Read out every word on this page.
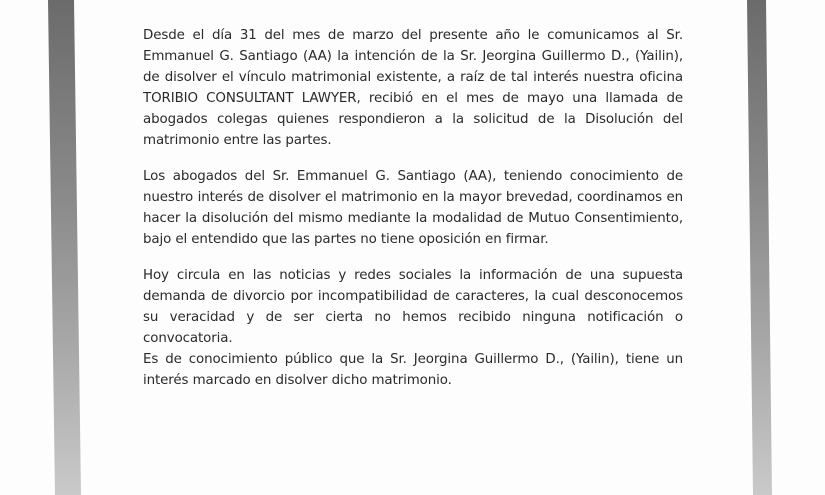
Desde el día 31 del mes de marzo del presente año le comunicamos al Sr. Emmanuel G. Santiago (AA) la intención de la Sr. Jeorgina Guillermo D., (Yailin), de disolver el vínculo matrimonial existente, a raíz de tal interés nuestra oficina TORIBIO CONSULTANT LAWYER, recibió en el mes de mayo una llamada de abogados colegas quienes respondieron a la solicitud de la Disolución del matrimonio entre las partes.

Los abogados del Sr. Emmanuel G. Santiago (AA), teniendo conocimiento de nuestro interés de disolver el matrimonio en la mayor brevedad, coordinamos en hacer la disolución del mismo mediante la modalidad de Mutuo Consentimiento, bajo el entendido que las partes no tiene oposición en firmar.

Hoy circula en las noticias y redes sociales la información de una supuesta demanda de divorcio por incompatibilidad de caracteres, la cual desconocemos su veracidad y de ser cierta no hemos recibido ninguna notificación o convocatoria.

Es de conocimiento público que la Sr. Jeorgina Guillermo D., (Yailin), tiene un interés marcado en disolver dicho matrimonio.
